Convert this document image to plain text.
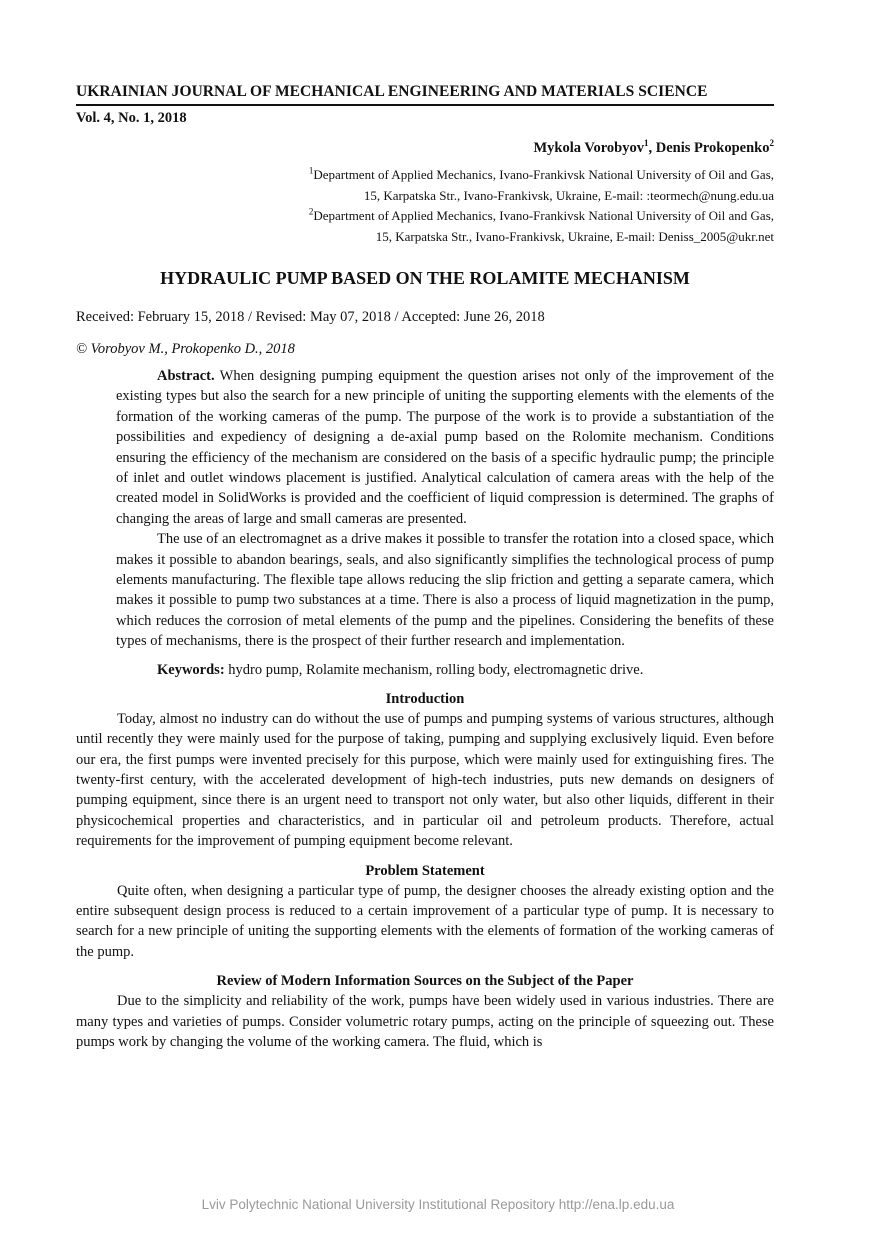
UKRAINIAN JOURNAL OF MECHANICAL ENGINEERING AND MATERIALS SCIENCE
Vol. 4, No. 1, 2018
Mykola Vorobyov$^1$, Denis Prokopenko$^2$
$^1$Department of Applied Mechanics, Ivano-Frankivsk National University of Oil and Gas,
15, Karpatska Str., Ivano-Frankivsk, Ukraine, E-mail: :teormech@nung.edu.ua
$^2$Department of Applied Mechanics, Ivano-Frankivsk National University of Oil and Gas,
15, Karpatska Str., Ivano-Frankivsk, Ukraine, E-mail: Deniss_2005@ukr.net
HYDRAULIC PUMP BASED ON THE ROLAMITE MECHANISM
Received: February 15, 2018 / Revised: May 07, 2018 / Accepted: June 26, 2018
© Vorobyov M., Prokopenko D., 2018

Abstract. When designing pumping equipment the question arises not only of the improvement of the existing types but also the search for a new principle of uniting the supporting elements with the elements of the formation of the working cameras of the pump. The purpose of the work is to provide a substantiation of the possibilities and expediency of designing a de-axial pump based on the Rolomite mechanism. Conditions ensuring the efficiency of the mechanism are considered on the basis of a specific hydraulic pump; the principle of inlet and outlet windows placement is justified. Analytical calculation of camera areas with the help of the created model in SolidWorks is provided and the coefficient of liquid compression is determined. The graphs of changing the areas of large and small cameras are presented.

The use of an electromagnet as a drive makes it possible to transfer the rotation into a closed space, which makes it possible to abandon bearings, seals, and also significantly simplifies the technological process of pump elements manufacturing. The flexible tape allows reducing the slip friction and getting a separate camera, which makes it possible to pump two substances at a time. There is also a process of liquid magnetization in the pump, which reduces the corrosion of metal elements of the pump and the pipelines. Considering the benefits of these types of mechanisms, there is the prospect of their further research and implementation.

Keywords: hydro pump, Rolamite mechanism, rolling body, electromagnetic drive.
Introduction

Today, almost no industry can do without the use of pumps and pumping systems of various structures, although until recently they were mainly used for the purpose of taking, pumping and supplying exclusively liquid. Even before our era, the first pumps were invented precisely for this purpose, which were mainly used for extinguishing fires. The twenty-first century, with the accelerated development of high-tech industries, puts new demands on designers of pumping equipment, since there is an urgent need to transport not only water, but also other liquids, different in their physicochemical properties and characteristics, and in particular oil and petroleum products. Therefore, actual requirements for the improvement of pumping equipment become relevant.

Problem Statement

Quite often, when designing a particular type of pump, the designer chooses the already existing option and the entire subsequent design process is reduced to a certain improvement of a particular type of pump. It is necessary to search for a new principle of uniting the supporting elements with the elements of formation of the working cameras of the pump.

Review of Modern Information Sources on the Subject of the Paper

Due to the simplicity and reliability of the work, pumps have been widely used in various industries. There are many types and varieties of pumps. Consider volumetric rotary pumps, acting on the principle of squeezing out. These pumps work by changing the volume of the working camera. The fluid, which is

Lviv Polytechnic National University Institutional Repository http://ena.lp.edu.ua
